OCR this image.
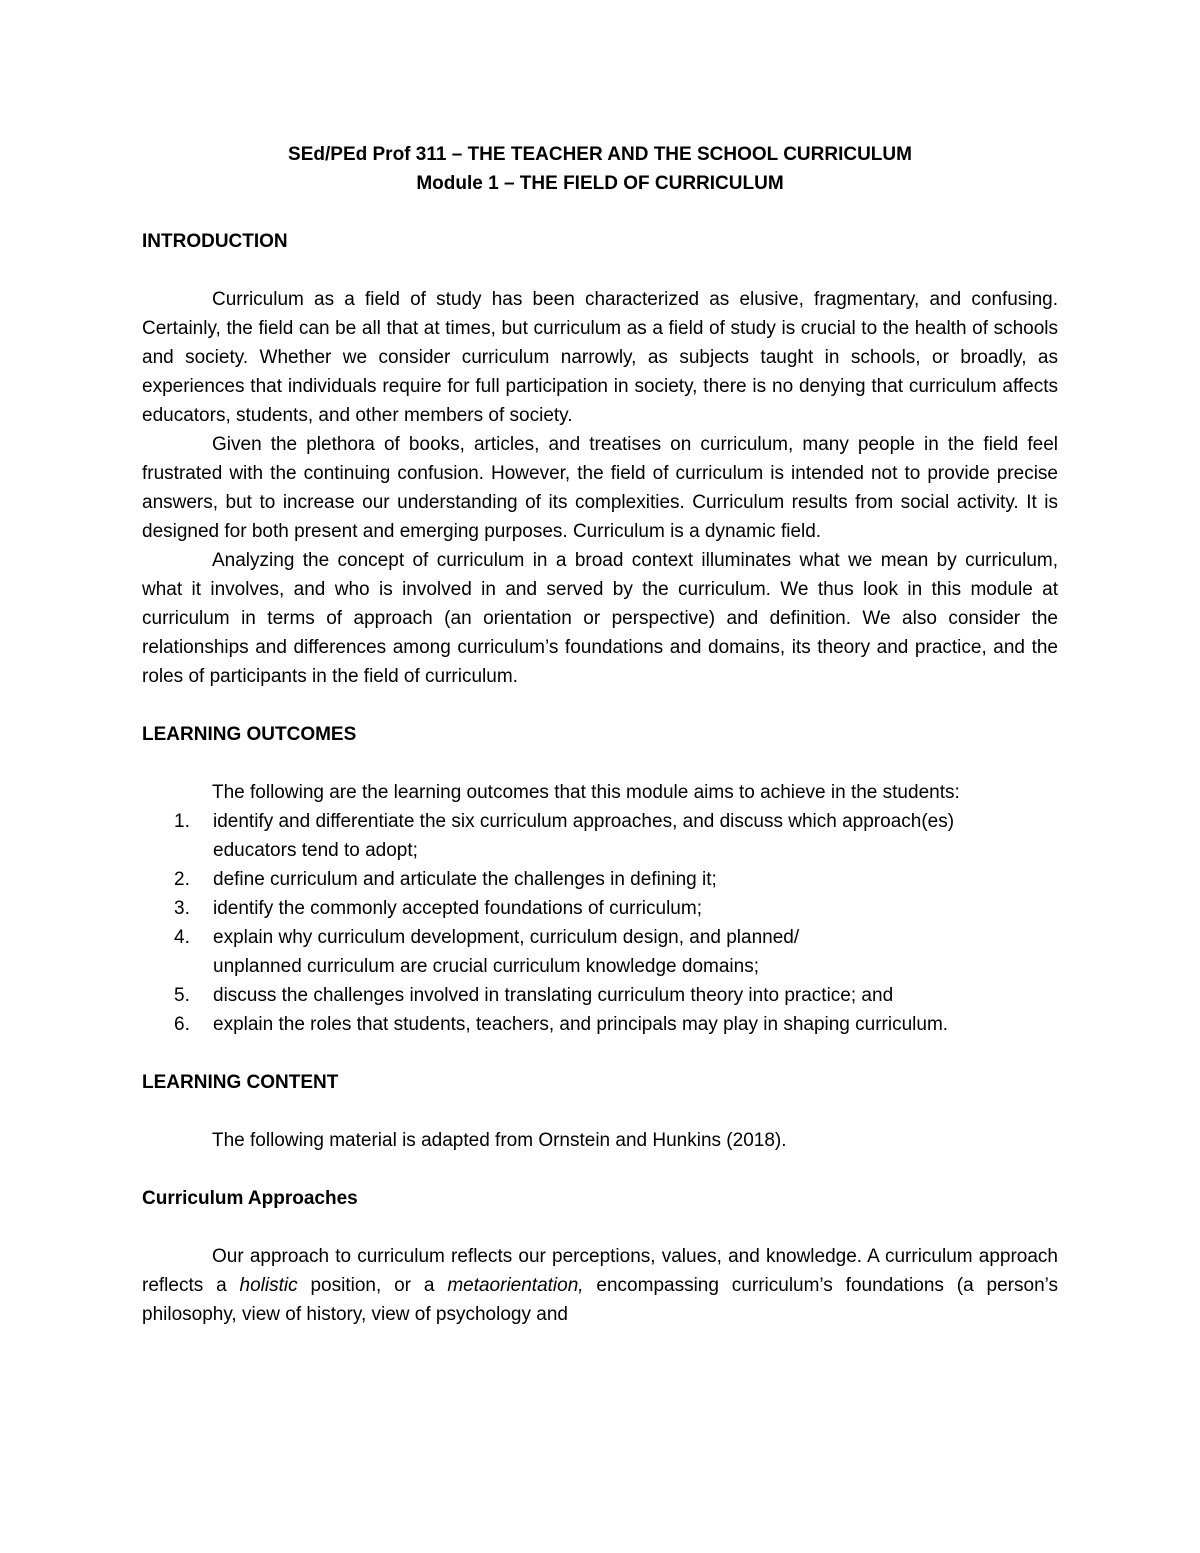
SEd/PEd Prof 311 – THE TEACHER AND THE SCHOOL CURRICULUM

Module 1 – THE FIELD OF CURRICULUM

INTRODUCTION

Curriculum as a field of study has been characterized as elusive, fragmentary, and confusing. Certainly, the field can be all that at times, but curriculum as a field of study is crucial to the health of schools and society. Whether we consider curriculum narrowly, as subjects taught in schools, or broadly, as experiences that individuals require for full participation in society, there is no denying that curriculum affects educators, students, and other members of society.

Given the plethora of books, articles, and treatises on curriculum, many people in the field feel frustrated with the continuing confusion. However, the field of curriculum is intended not to provide precise answers, but to increase our understanding of its complexities. Curriculum results from social activity. It is designed for both present and emerging purposes. Curriculum is a dynamic field.

Analyzing the concept of curriculum in a broad context illuminates what we mean by curriculum, what it involves, and who is involved in and served by the curriculum. We thus look in this module at curriculum in terms of approach (an orientation or perspective) and definition. We also consider the relationships and differences among curriculum’s foundations and domains, its theory and practice, and the roles of participants in the field of curriculum.

LEARNING OUTCOMES

The following are the learning outcomes that this module aims to achieve in the students:

1. identify and differentiate the six curriculum approaches, and discuss which approach(es)
educators tend to adopt;
2. define curriculum and articulate the challenges in defining it;
3. identify the commonly accepted foundations of curriculum;
4. explain why curriculum development, curriculum design, and planned/
unplanned curriculum are crucial curriculum knowledge domains;
5. discuss the challenges involved in translating curriculum theory into practice; and
6. explain the roles that students, teachers, and principals may play in shaping curriculum.

LEARNING CONTENT

The following material is adapted from Ornstein and Hunkins (2018).

Curriculum Approaches

Our approach to curriculum reflects our perceptions, values, and knowledge. A curriculum approach reflects a holistic position, or a metaorientation, encompassing curriculum’s foundations (a person’s philosophy, view of history, view of psychology and
